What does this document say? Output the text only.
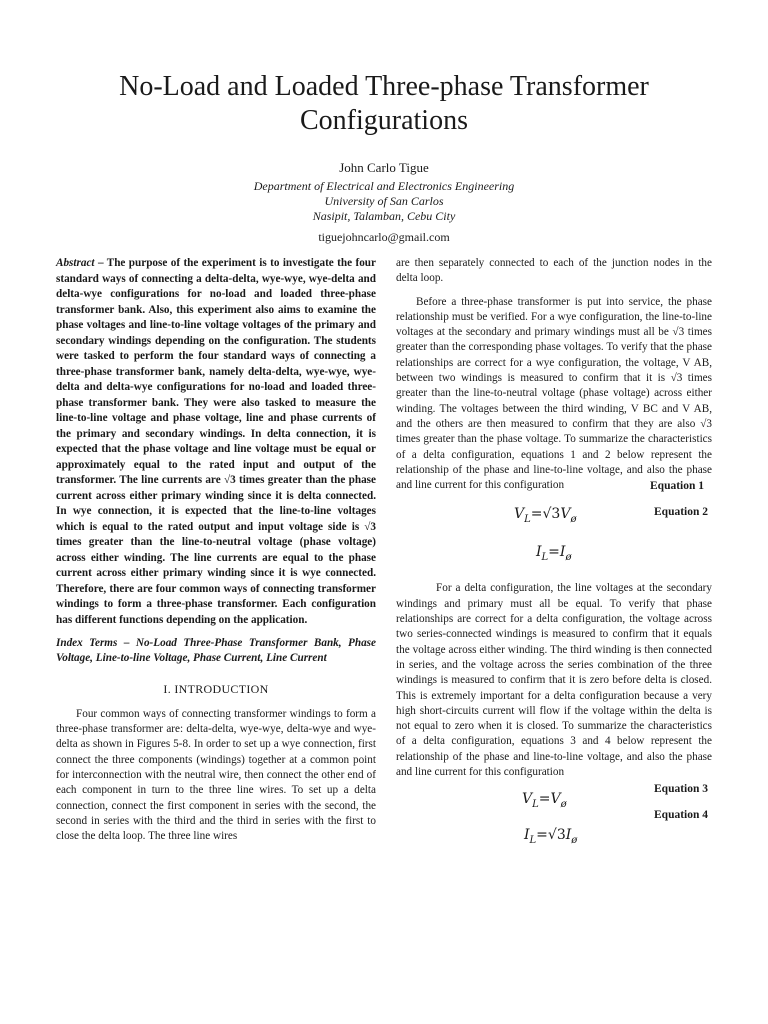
No-Load and Loaded Three-phase Transformer Configurations
John Carlo Tigue
Department of Electrical and Electronics Engineering
University of San Carlos
Nasipit, Talamban, Cebu City
tiguejohncarlo@gmail.com

Abstract – The purpose of the experiment is to investigate the four standard ways of connecting a delta-delta, wye-wye, wye-delta and delta-wye configurations for no-load and loaded three-phase transformer bank. Also, this experiment also aims to examine the phase voltages and line-to-line voltage voltages of the primary and secondary windings depending on the configuration. The students were tasked to perform the four standard ways of connecting a three-phase transformer bank, namely delta-delta, wye-wye, wye-delta and delta-wye configurations for no-load and loaded three-phase transformer bank. They were also tasked to measure the line-to-line voltage and phase voltage, line and phase currents of the primary and secondary windings. In delta connection, it is expected that the phase voltage and line voltage must be equal or approximately equal to the rated input and output of the transformer. The line currents are √3 times greater than the phase current across either primary winding since it is delta connected. In wye connection, it is expected that the line-to-line voltages which is equal to the rated output and input voltage side is √3 times greater than the line-to-neutral voltage (phase voltage) across either winding. The line currents are equal to the phase current across either primary winding since it is wye connected. Therefore, there are four common ways of connecting transformer windings to form a three-phase transformer. Each configuration has different functions depending on the application.

Index Terms – No-Load Three-Phase Transformer Bank, Phase Voltage, Line-to-line Voltage, Phase Current, Line Current

I. INTRODUCTION

Four common ways of connecting transformer windings to form a three-phase transformer are: delta-delta, wye-wye, delta-wye and wye-delta as shown in Figures 5-8. In order to set up a wye connection, first connect the three components (windings) together at a common point for interconnection with the neutral wire, then connect the other end of each component in turn to the three line wires. To set up a delta connection, connect the first component in series with the second, the second in series with the third and the third in series with the first to close the delta loop. The three line wires

are then separately connected to each of the junction nodes in the delta loop.

Before a three-phase transformer is put into service, the phase relationship must be verified. For a wye configuration, the line-to-line voltages at the secondary and primary windings must all be √3 times greater than the corresponding phase voltages. To verify that the phase relationships are correct for a wye configuration, the voltage, V AB, between two windings is measured to confirm that it is √3 times greater than the line-to-neutral voltage (phase voltage) across either winding. The voltages between the third winding, V BC and V AB, and the others are then measured to confirm that they are also √3 times greater than the phase voltage. To summarize the characteristics of a delta configuration, equations 1 and 2 below represent the relationship of the phase and line-to-line voltage, and also the phase and line current for this configuration	Equation 1
$V_L=√3V_ø$
Equation 2
$I_L=I_ø$

For a delta configuration, the line voltages at the secondary windings and primary must all be equal. To verify that phase relationships are correct for a delta configuration, the voltage across two series-connected windings is measured to confirm that it equals the voltage across either winding. The third winding is then connected in series, and the voltage across the series combination of the three windings is measured to confirm that it is zero before delta is closed. This is extremely important for a delta configuration because a very high short-circuits current will flow if the voltage within the delta is not equal to zero when it is closed. To summarize the characteristics of a delta configuration, equations 3 and 4 below represent the relationship of the phase and line-to-line voltage, and also the phase and line current for this configuration

Equation 3
$V_L=V_ø$
Equation 4
$I_L=√3I_ø$
